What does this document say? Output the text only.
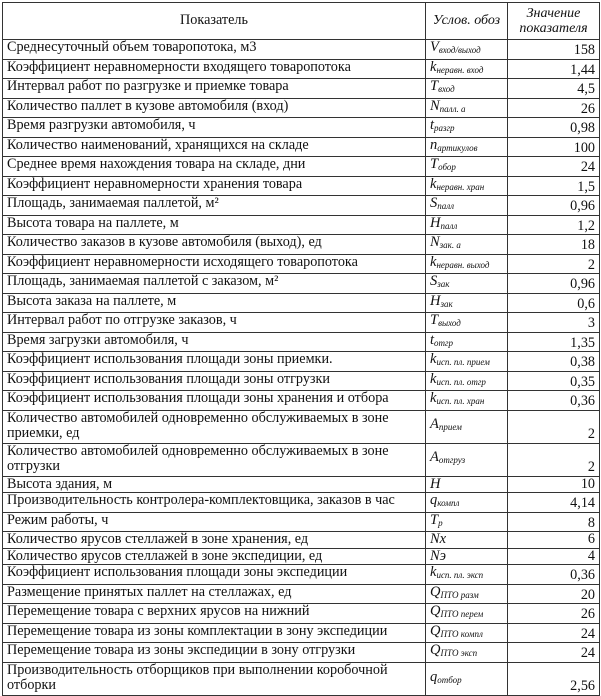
Показатель	Услов. обоз	Значение показателя
Среднесуточный объем товаропотока, м3	$V_{вход/выход}$	158
Коэффициент неравномерности входящего товаропотока	$k_{неравн. вход}$	1,44
Интервал работ по разгрузке и приемке товара	$T_{вход}$	4,5
Количество паллет в кузове автомобиля (вход)	$N_{палл. а}$	26
Время разгрузки автомобиля, ч	$t_{разгр}$	0,98
Количество наименований, хранящихся на складе	$n_{артикулов}$	100
Среднее время нахождения товара на складе, дни	$T_{обор}$	24
Коэффициент неравномерности хранения товара	$k_{неравн. хран}$	1,5
Площадь, занимаемая паллетой, м²	$S_{палл}$	0,96
Высота товара на паллете, м	$H_{палл}$	1,2
Количество заказов в кузове автомобиля (выход), ед	$N_{зак. а}$	18
Коэффициент неравномерности исходящего товаропотока	$k_{неравн. выход}$	2
Площадь, занимаемая паллетой с заказом, м²	$S_{зак}$	0,96
Высота заказа на паллете, м	$H_{зак}$	0,6
Интервал работ по отгрузке заказов, ч	$T_{выход}$	3
Время загрузки автомобиля, ч	$t_{отгр}$	1,35
Коэффициент использования площади зоны приемки.	$k_{исп. пл. прием}$	0,38
Коэффициент использования площади зоны отгрузки	$k_{исп. пл. отгр}$	0,35
Коэффициент использования площади зоны хранения и отбора	$k_{исп. пл. хран}$	0,36
Количество автомобилей одновременно обслуживаемых в зоне приемки, ед	$A_{прием}$	2
Количество автомобилей одновременно обслуживаемых в зоне отгрузки	$A_{отгруз}$	2
Высота здания, м	H	10
Производительность контролера-комплектовщика, заказов в час	$q_{компл}$	4,14
Режим работы, ч	$T_р$	8
Количество ярусов стеллажей в зоне хранения, ед	Nx	6
Количество ярусов стеллажей в зоне экспедиции, ед	Nэ	4
Коэффициент использования площади зоны экспедиции	$k_{исп. пл. эксп}$	0,36
Размещение принятых паллет на стеллажах, ед	$Q_{ПТО разм}$	20
Перемещение товара с верхних ярусов на нижний	$Q_{ПТО перем}$	26
Перемещение товара из зоны комплектации в зону экспедиции	$Q_{ПТО компл}$	24
Перемещение товара из зоны экспедиции в зону отгрузки	$Q_{ПТО эксп}$	24
Производительность отборщиков при выполнении коробочной отборки	$q_{отбор}$	2,56
